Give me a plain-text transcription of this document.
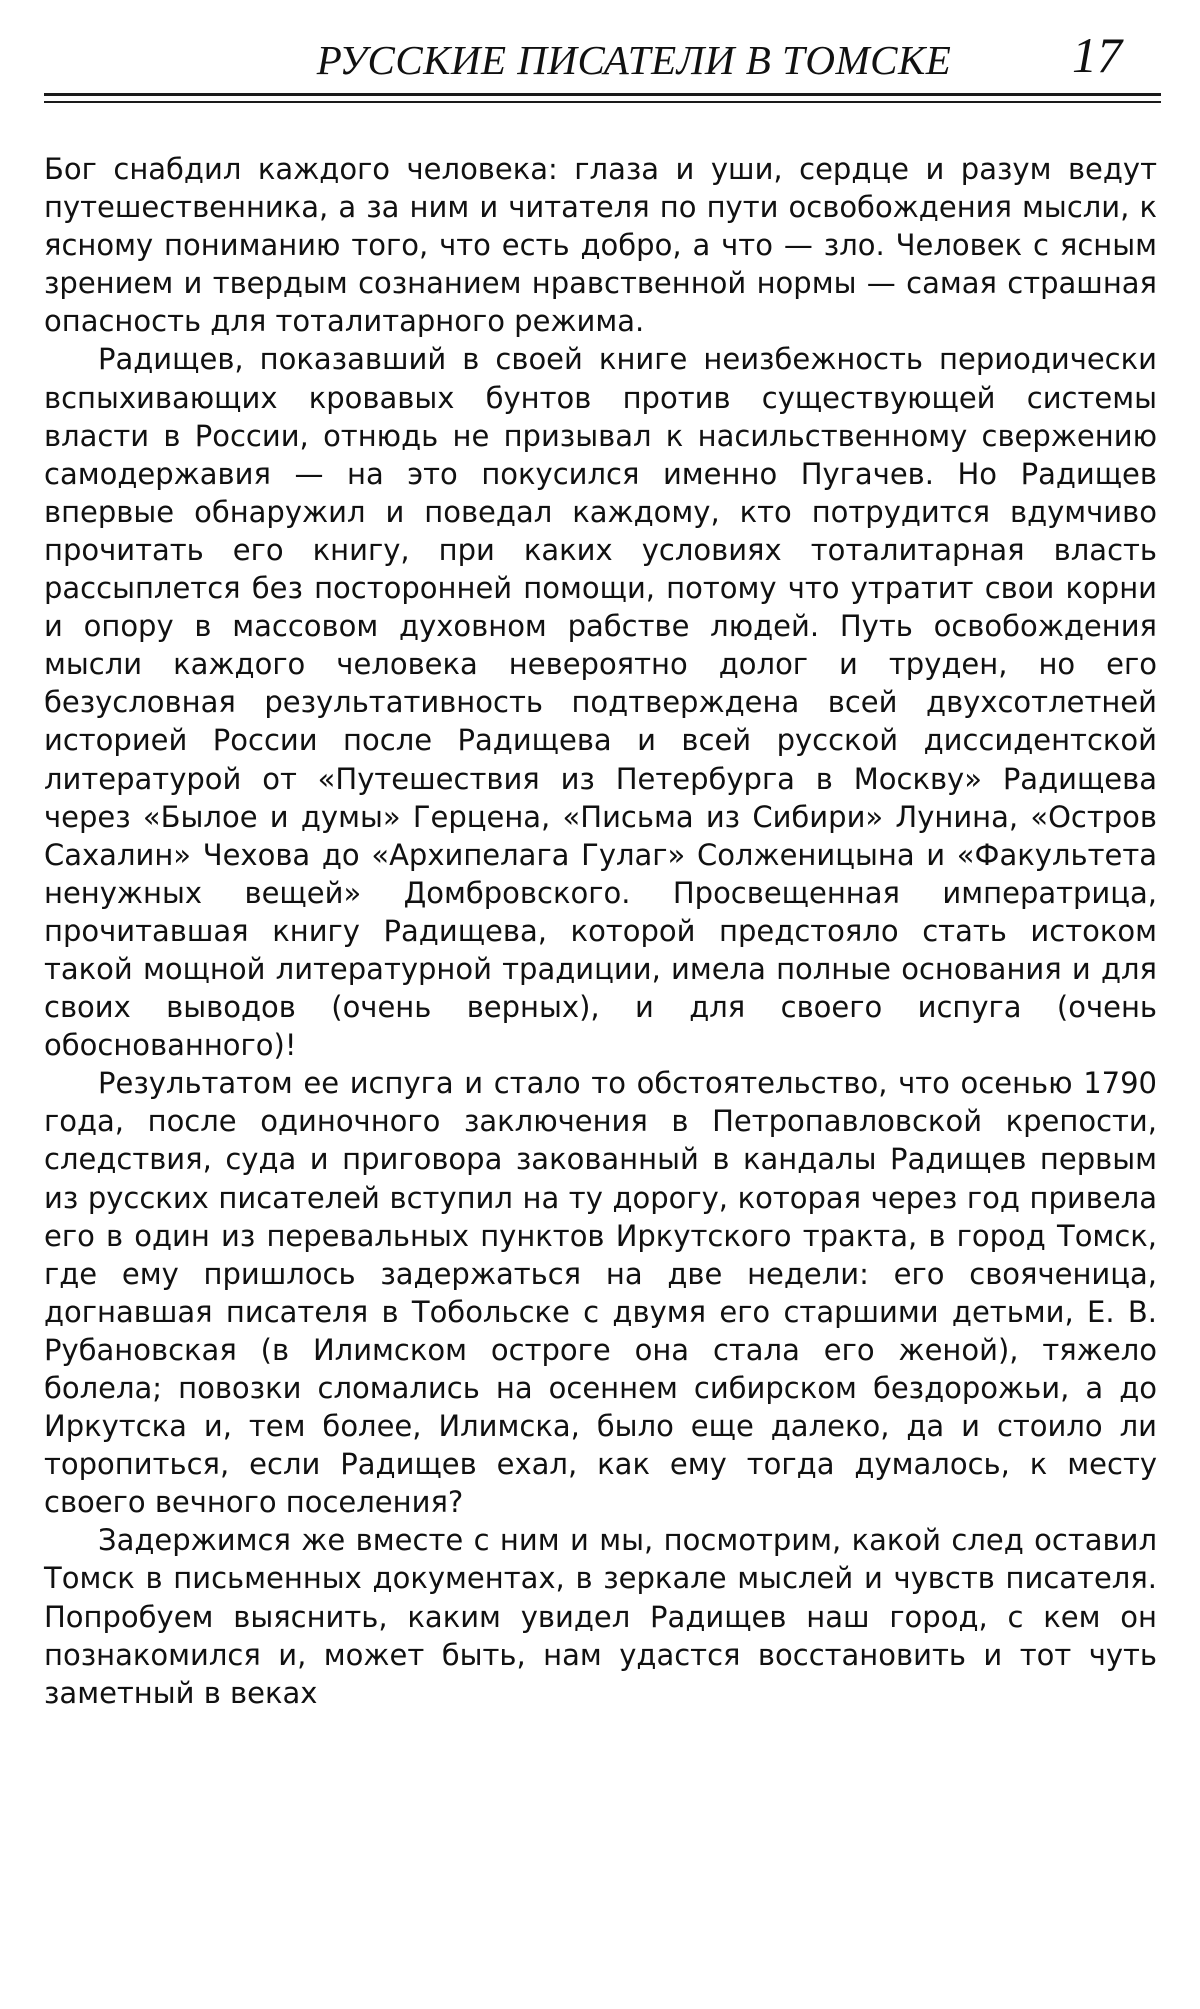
РУССКИЕ ПИСАТЕЛИ В ТОМСКЕ	17

Бог снабдил каждого человека: глаза и уши, сердце и разум ведут путешественника, а за ним и читателя по пути освобождения мысли, к ясному пониманию того, что есть добро, а что — зло. Человек с ясным зрением и твердым сознанием нравственной нормы — самая страшная опасность для тоталитарного режима.

Радищев, показавший в своей книге неизбежность периодически вспыхивающих кровавых бунтов против существующей системы власти в России, отнюдь не призывал к насильственному свержению самодержавия — на это покусился именно Пугачев. Но Радищев впервые обнаружил и поведал каждому, кто потрудится вдумчиво прочитать его книгу, при каких условиях тоталитарная власть рассыплется без посторонней помощи, потому что утратит свои корни и опору в массовом духовном рабстве людей. Путь освобождения мысли каждого человека невероятно долог и труден, но его безусловная результативность подтверждена всей двухсотлетней историей России после Радищева и всей русской диссидентской литературой от «Путешествия из Петербурга в Москву» Радищева через «Былое и думы» Герцена, «Письма из Сибири» Лунина, «Остров Сахалин» Чехова до «Архипелага Гулаг» Солженицына и «Факультета ненужных вещей» Домбровского. Просвещенная императрица, прочитавшая книгу Радищева, которой предстояло стать истоком такой мощной литературной традиции, имела полные основания и для своих выводов (очень верных), и для своего испуга (очень обоснованного)!

Результатом ее испуга и стало то обстоятельство, что осенью 1790 года, после одиночного заключения в Петропавловской крепости, следствия, суда и приговора закованный в кандалы Радищев первым из русских писателей вступил на ту дорогу, которая через год привела его в один из перевальных пунктов Иркутского тракта, в город Томск, где ему пришлось задержаться на две недели: его свояченица, догнавшая писателя в Тобольске с двумя его старшими детьми, Е. В. Рубановская (в Илимском остроге она стала его женой), тяжело болела; повозки сломались на осеннем сибирском бездорожьи, а до Иркутска и, тем более, Илимска, было еще далеко, да и стоило ли торопиться, если Радищев ехал, как ему тогда думалось, к месту своего вечного поселения?

Задержимся же вместе с ним и мы, посмотрим, какой след оставил Томск в письменных документах, в зеркале мыслей и чувств писателя. Попробуем выяснить, каким увидел Радищев наш город, с кем он познакомился и, может быть, нам удастся восстановить и тот чуть заметный в веках
